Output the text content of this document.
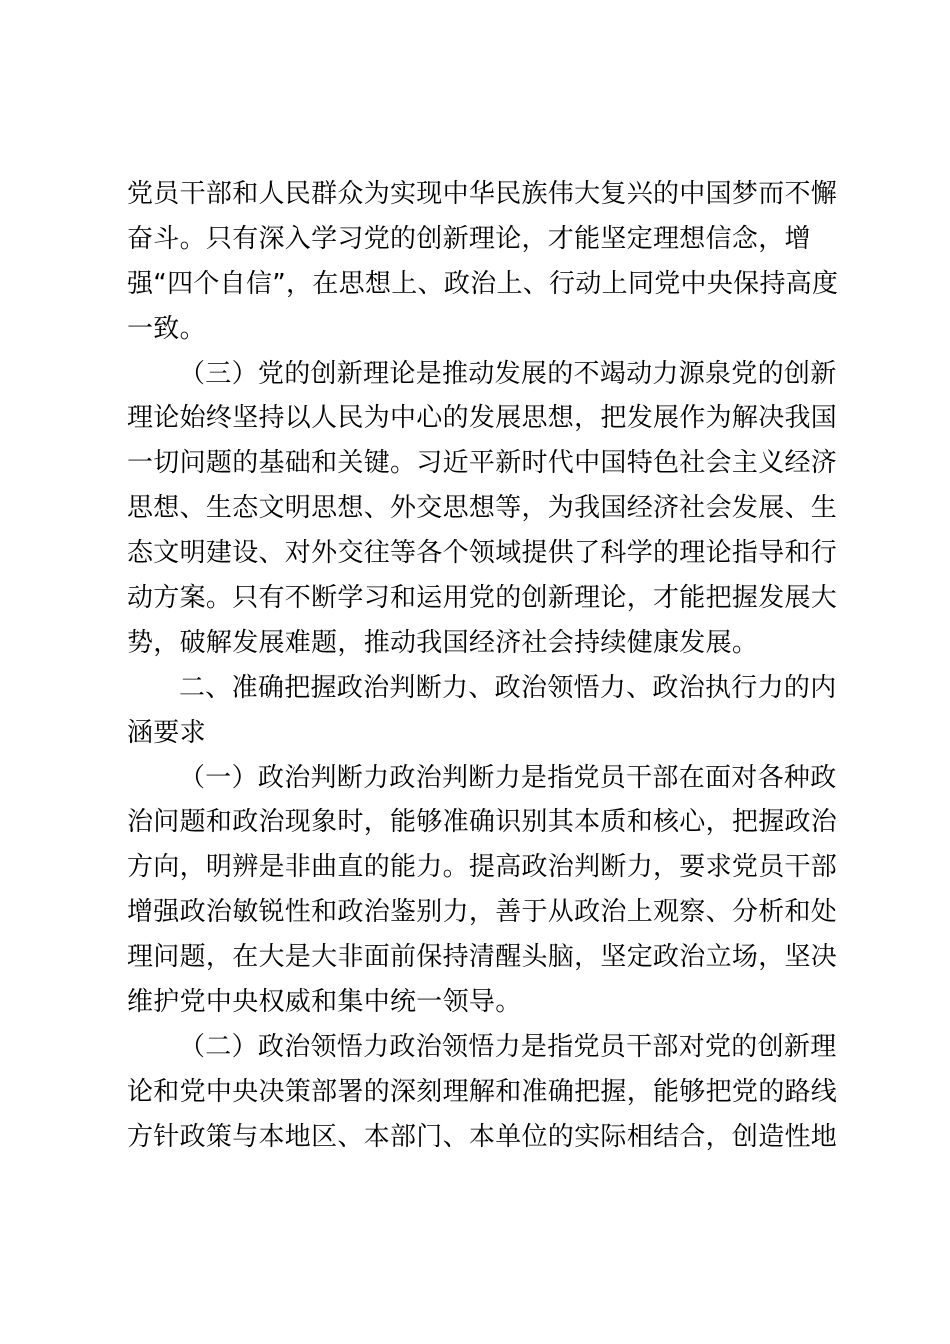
党员干部和人民群众为实现中华民族伟大复兴的中国梦而不懈
奋斗。只有深入学习党的创新理论，才能坚定理想信念，增
强“四个自信”，在思想上、政治上、行动上同党中央保持高度
一致。

（三）党的创新理论是推动发展的不竭动力源泉党的创新
理论始终坚持以人民为中心的发展思想，把发展作为解决我国
一切问题的基础和关键。习近平新时代中国特色社会主义经济
思想、生态文明思想、外交思想等，为我国经济社会发展、生
态文明建设、对外交往等各个领域提供了科学的理论指导和行
动方案。只有不断学习和运用党的创新理论，才能把握发展大
势，破解发展难题，推动我国经济社会持续健康发展。

二、准确把握政治判断力、政治领悟力、政治执行力的内
涵要求

（一）政治判断力政治判断力是指党员干部在面对各种政
治问题和政治现象时，能够准确识别其本质和核心，把握政治
方向，明辨是非曲直的能力。提高政治判断力，要求党员干部
增强政治敏锐性和政治鉴别力，善于从政治上观察、分析和处
理问题，在大是大非面前保持清醒头脑，坚定政治立场，坚决
维护党中央权威和集中统一领导。

（二）政治领悟力政治领悟力是指党员干部对党的创新理
论和党中央决策部署的深刻理解和准确把握，能够把党的路线
方针政策与本地区、本部门、本单位的实际相结合，创造性地
